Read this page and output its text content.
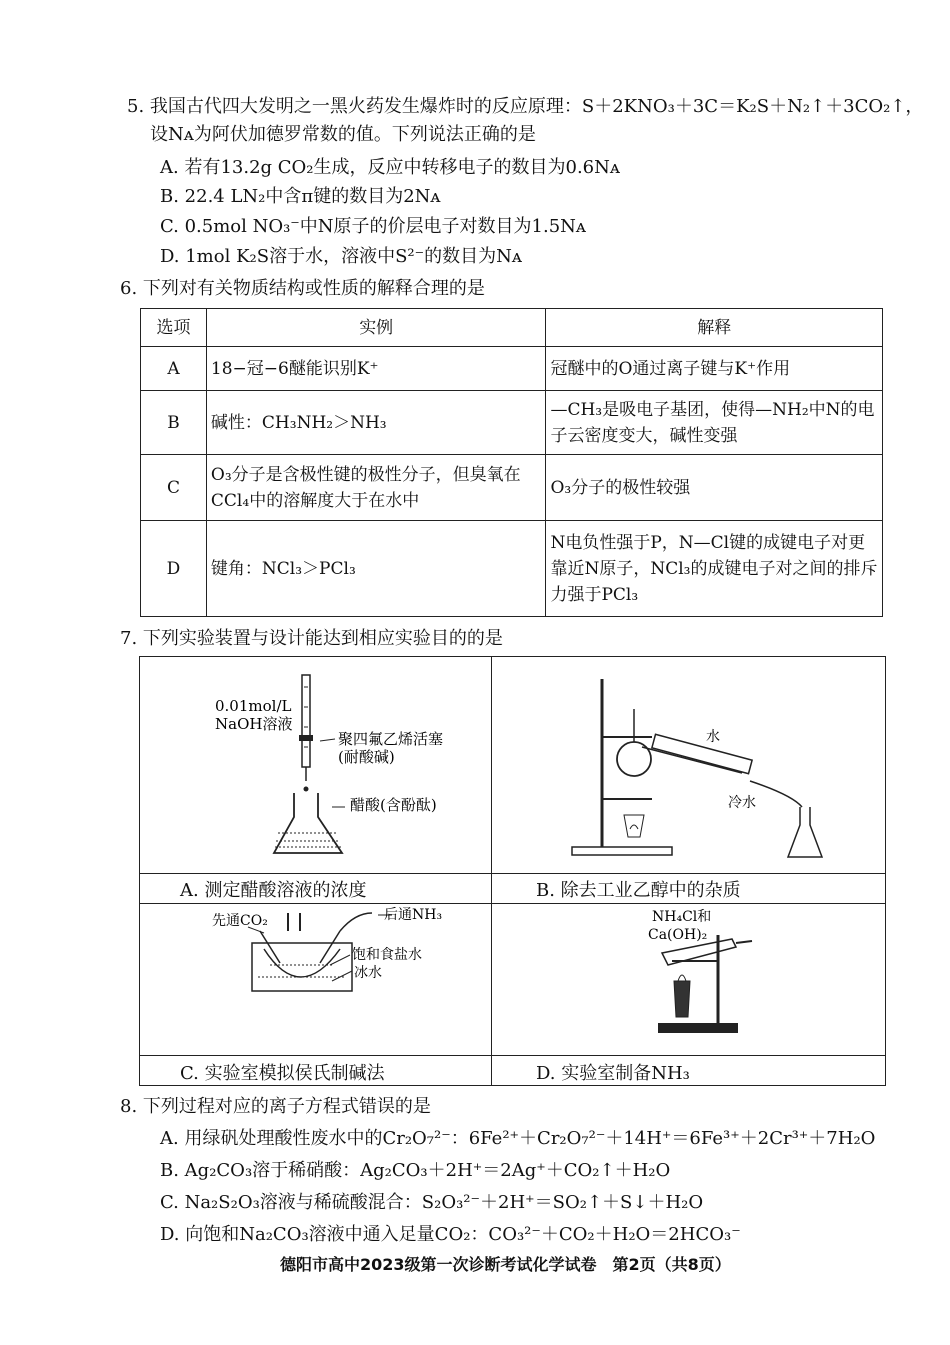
5. 我国古代四大发明之一黑火药发生爆炸时的反应原理：S＋2KNO₃＋3C＝K₂S＋N₂↑＋3CO₂↑，
设Nᴀ为阿伏加德罗常数的值。下列说法正确的是
A. 若有13.2g CO₂生成，反应中转移电子的数目为0.6Nᴀ
B. 22.4 LN₂中含π键的数目为2Nᴀ
C. 0.5mol NO₃⁻中N原子的价层电子对数目为1.5Nᴀ
D. 1mol K₂S溶于水，溶液中S²⁻的数目为Nᴀ
6. 下列对有关物质结构或性质的解释合理的是
选项	实例	解释
A	18−冠−6醚能识别K⁺	冠醚中的O通过离子键与K⁺作用
B	碱性：CH₃NH₂＞NH₃	—CH₃是吸电子基团，使得—NH₂中N的电子云密度变大，碱性变强
C	O₃分子是含极性键的极性分子，但臭氧在CCl₄中的溶解度大于在水中	O₃分子的极性较强
D	键角：NCl₃＞PCl₃	N电负性强于P，N—Cl键的成键电子对更靠近N原子，NCl₃的成键电子对之间的排斥力强于PCl₃
7. 下列实验装置与设计能达到相应实验目的的是
0.01mol/L
NaOH溶液
聚四氟乙烯活塞
(耐酸碱)
醋酸(含酚酞)
水
冷水
A. 测定醋酸溶液的浓度	B. 除去工业乙醇中的杂质
先通CO₂	后通NH₃
饱和食盐水
冰水
NH₄Cl和
Ca(OH)₂
C. 实验室模拟侯氏制碱法	D. 实验室制备NH₃
8. 下列过程对应的离子方程式错误的是
A. 用绿矾处理酸性废水中的Cr₂O₇²⁻：6Fe²⁺＋Cr₂O₇²⁻＋14H⁺＝6Fe³⁺＋2Cr³⁺＋7H₂O
B. Ag₂CO₃溶于稀硝酸：Ag₂CO₃＋2H⁺＝2Ag⁺＋CO₂↑＋H₂O
C. Na₂S₂O₃溶液与稀硫酸混合：S₂O₃²⁻＋2H⁺＝SO₂↑＋S↓＋H₂O
D. 向饱和Na₂CO₃溶液中通入足量CO₂：CO₃²⁻＋CO₂＋H₂O＝2HCO₃⁻
德阳市高中2023级第一次诊断考试化学试卷　第2页（共8页）
